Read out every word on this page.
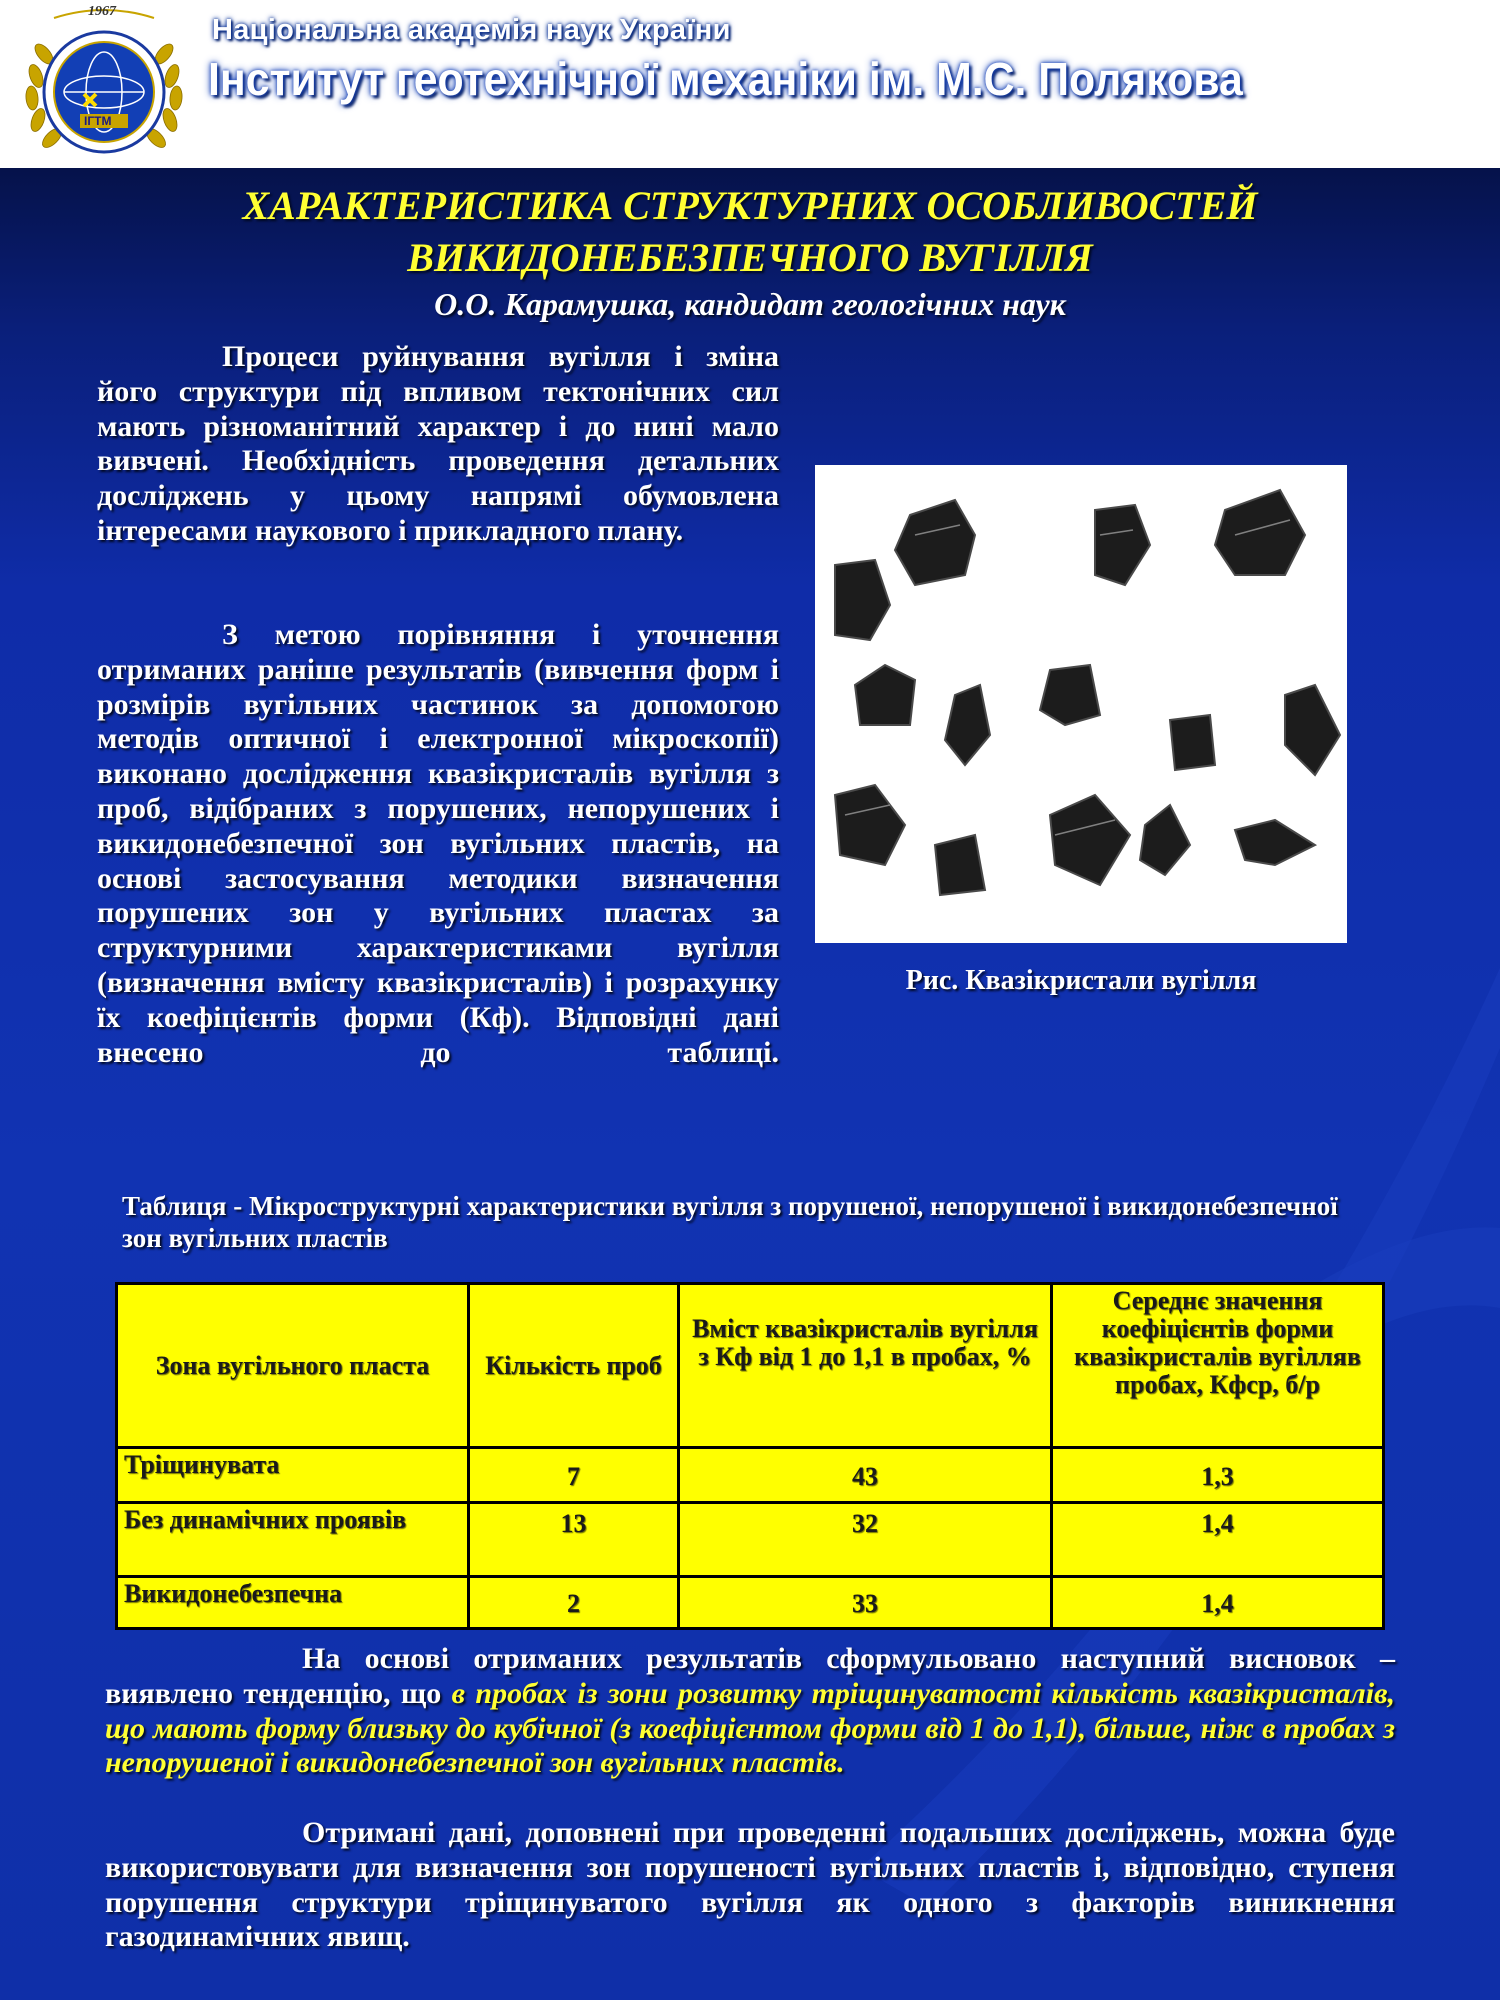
1967
ІГТМ
Національна академія наук України
Інститут геотехнічної механіки ім. М.С. Полякова
ХАРАКТЕРИСТИКА СТРУКТУРНИХ ОСОБЛИВОСТЕЙ
ВИКИДОНЕБЕЗПЕЧНОГО ВУГІЛЛЯ
О.О. Карамушка, кандидат геологічних наук

Процеси руйнування вугілля і зміна його структури під впливом тектонічних сил мають різноманітний характер і до нині мало вивчені. Необхідність проведення детальних досліджень у цьому напрямі обумовлена інтересами наукового і прикладного плану.

З метою порівняння і уточнення отриманих раніше результатів (вивчення форм і розмірів вугільних частинок за допомогою методів оптичної і електронної мікроскопії) виконано дослідження квазікристалів вугілля з проб, відібраних з порушених, непорушених і викидонебезпечної зон вугільних пластів, на основі застосування методики визначення порушених зон у вугільних пластах за структурними характеристиками вугілля (визначення вмісту квазікристалів) і розрахунку їх коефіцієнтів форми (Кф). Відповідні дані внесено до таблиці.

Рис. Квазікристали вугілля

Таблиця - Мікроструктурні характеристики вугілля з порушеної, непорушеної і викидонебезпечної зон вугільних пластів

Зона вугільного пласта	Кількість проб	Вміст квазікристалів вугілля з Кф від 1 до 1,1 в пробах, %	Середнє значення коефіцієнтів форми квазікристалів вугілляв пробах, Кфср, б/р
Тріщинувата	7	43	1,3
Без динамічних проявів	13	32	1,4
Викидонебезпечна	2	33	1,4

На основі отриманих результатів сформульовано наступний висновок – виявлено тенденцію, що в пробах із зони розвитку тріщинуватості кількість квазікристалів, що мають форму близьку до кубічної (з коефіцієнтом форми від 1 до 1,1), більше, ніж в пробах з непорушеної і викидонебезпечної зон вугільних пластів.

Отримані дані, доповнені при проведенні подальших досліджень, можна буде використовувати для визначення зон порушеності вугільних пластів і, відповідно, ступеня порушення структури тріщинуватого вугілля як одного з факторів виникнення газодинамічних явищ.
